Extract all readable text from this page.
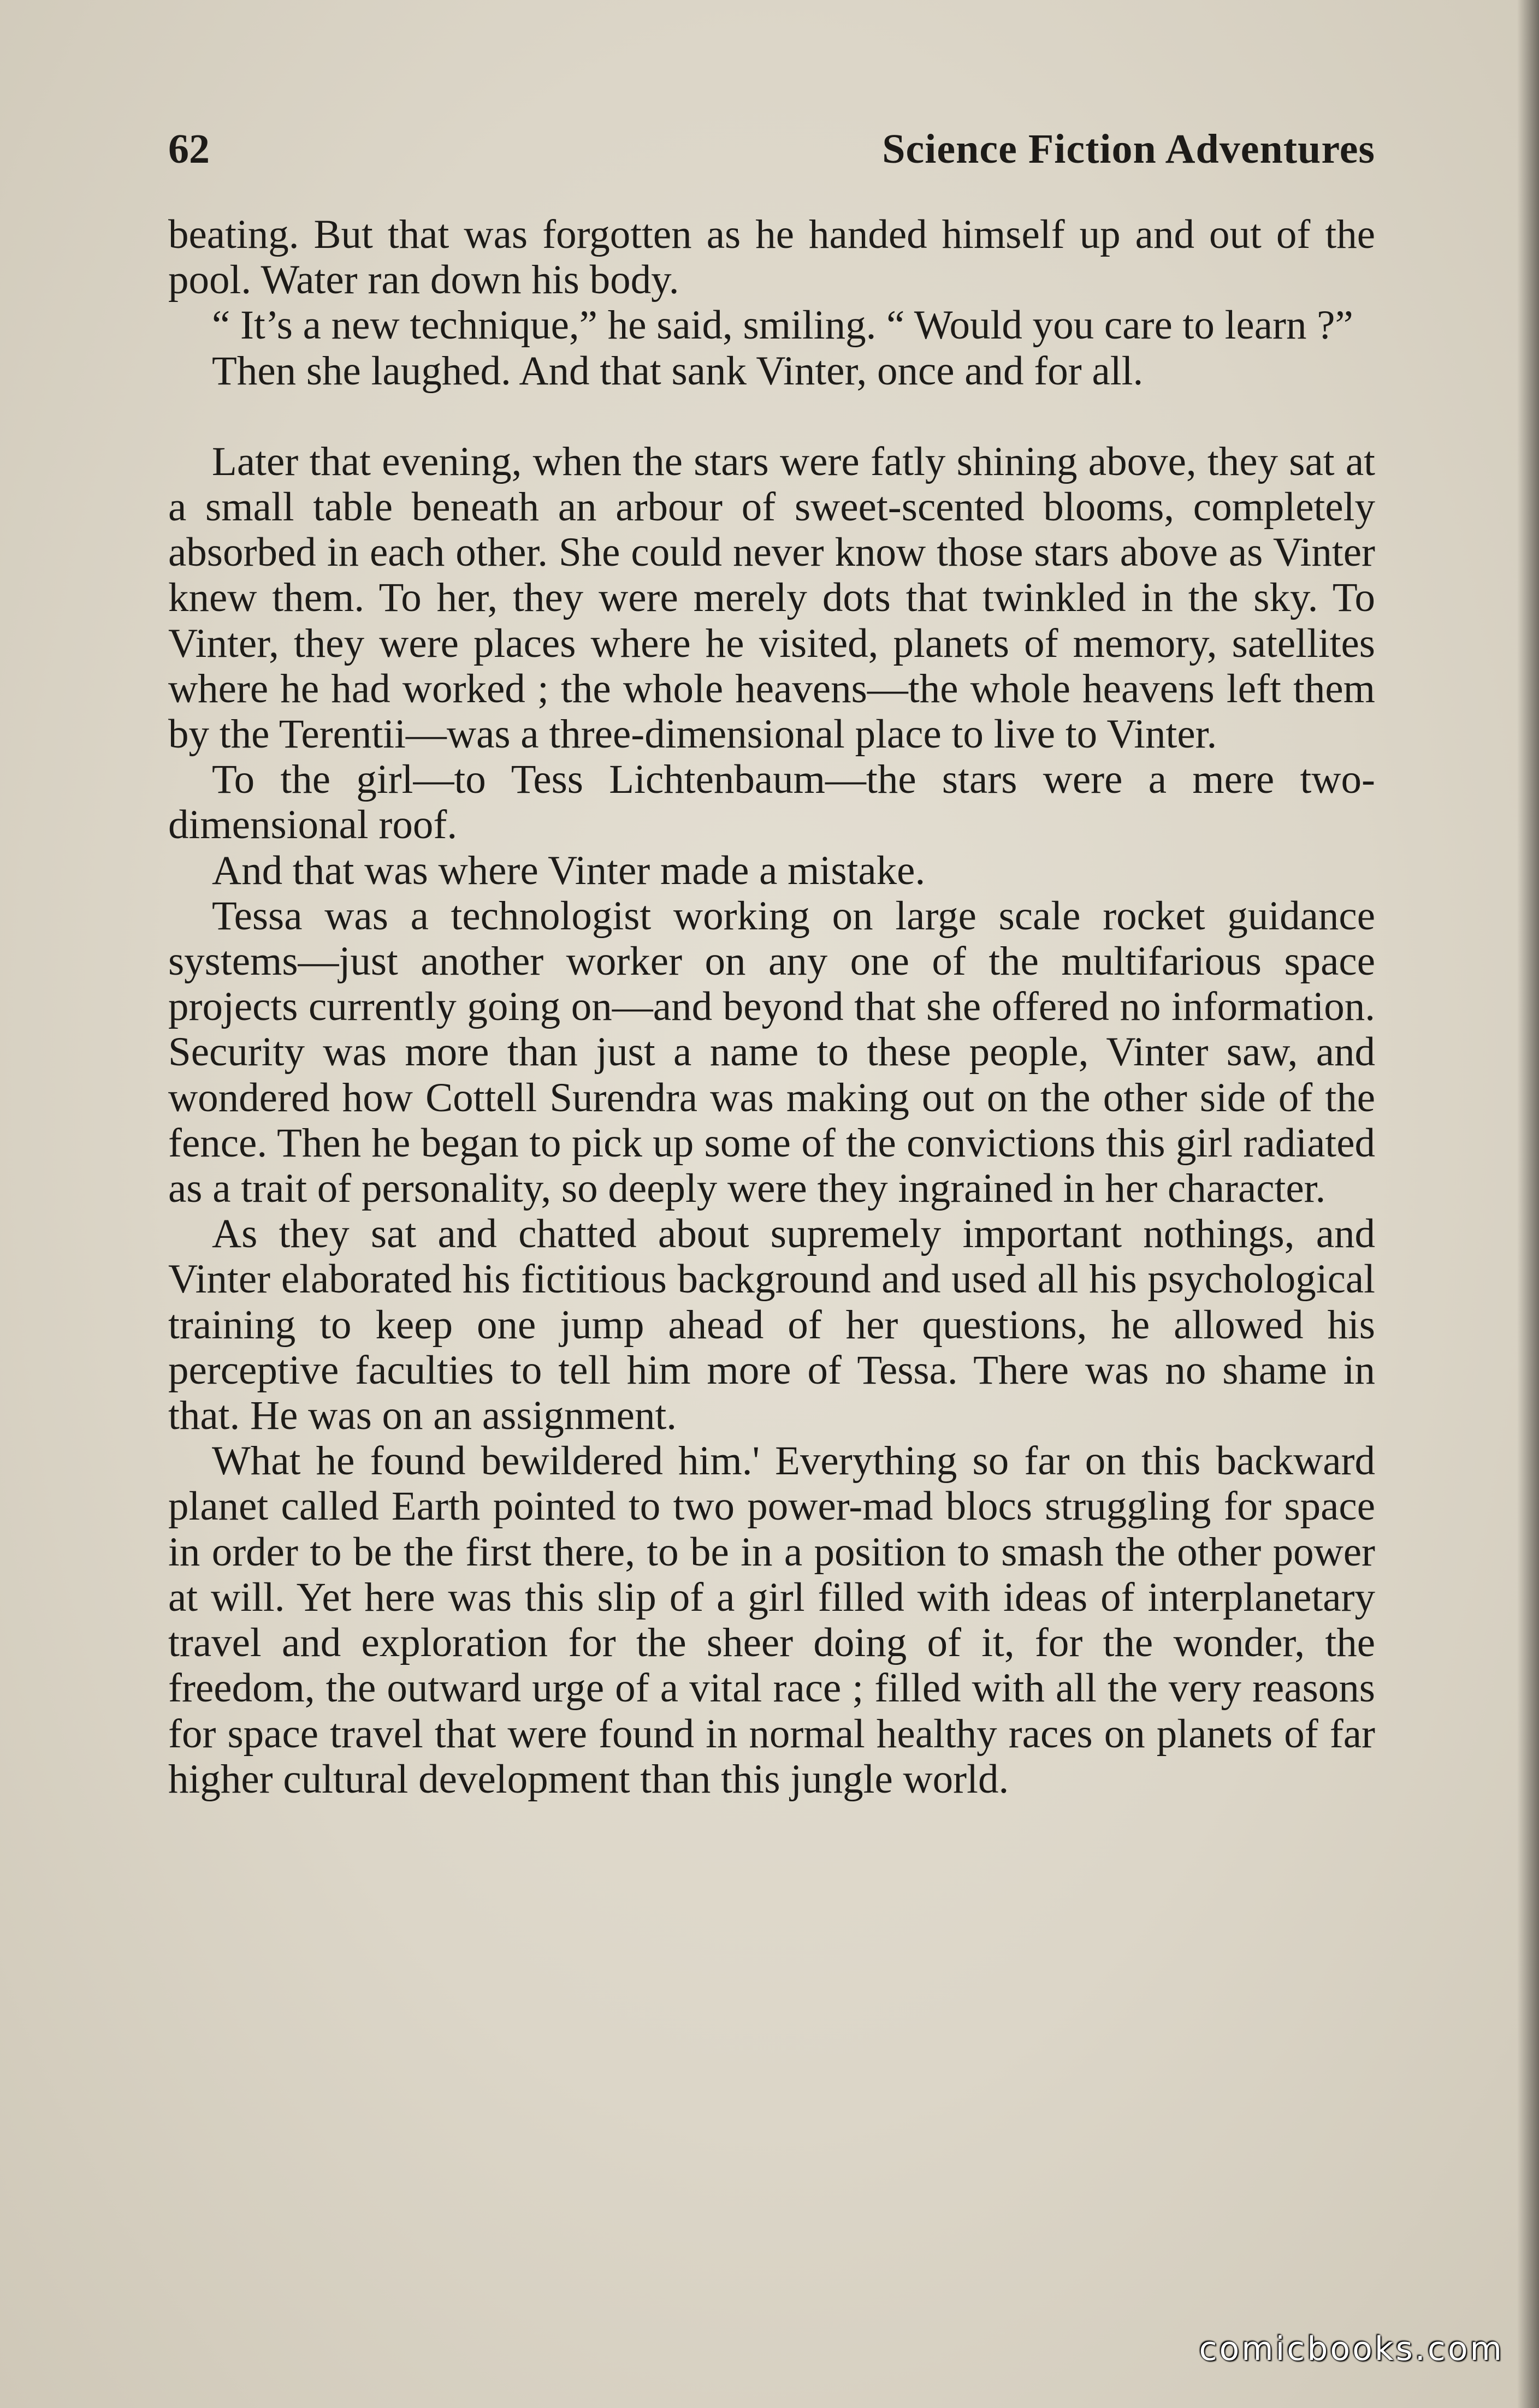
62	Science Fiction Adventures

beating. But that was forgotten as he handed himself up and out of the pool. Water ran down his body.

“ It’s a new technique,” he said, smiling. “ Would you care to learn ?”

Then she laughed. And that sank Vinter, once and for all.

Later that evening, when the stars were fatly shining above, they sat at a small table beneath an arbour of sweet-scented blooms, completely absorbed in each other. She could never know those stars above as Vinter knew them. To her, they were merely dots that twinkled in the sky. To Vinter, they were places where he visited, planets of memory, satellites where he had worked ; the whole heavens—the whole heavens left them by the Terentii—was a three-dimensional place to live to Vinter.

To the girl—to Tess Lichtenbaum—the stars were a mere two-dimensional roof.

And that was where Vinter made a mistake.

Tessa was a technologist working on large scale rocket guidance systems—just another worker on any one of the multifarious space projects currently going on—and beyond that she offered no information. Security was more than just a name to these people, Vinter saw, and wondered how Cottell Surendra was making out on the other side of the fence. Then he began to pick up some of the convictions this girl radiated as a trait of personality, so deeply were they ingrained in her character.

As they sat and chatted about supremely important nothings, and Vinter elaborated his fictitious background and used all his psychological training to keep one jump ahead of her questions, he allowed his perceptive faculties to tell him more of Tessa. There was no shame in that. He was on an assignment.

What he found bewildered him.' Everything so far on this backward planet called Earth pointed to two power-mad blocs struggling for space in order to be the first there, to be in a position to smash the other power at will. Yet here was this slip of a girl filled with ideas of interplanetary travel and exploration for the sheer doing of it, for the wonder, the freedom, the outward urge of a vital race ; filled with all the very reasons for space travel that were found in normal healthy races on planets of far higher cultural development than this jungle world.

comicbooks.com
